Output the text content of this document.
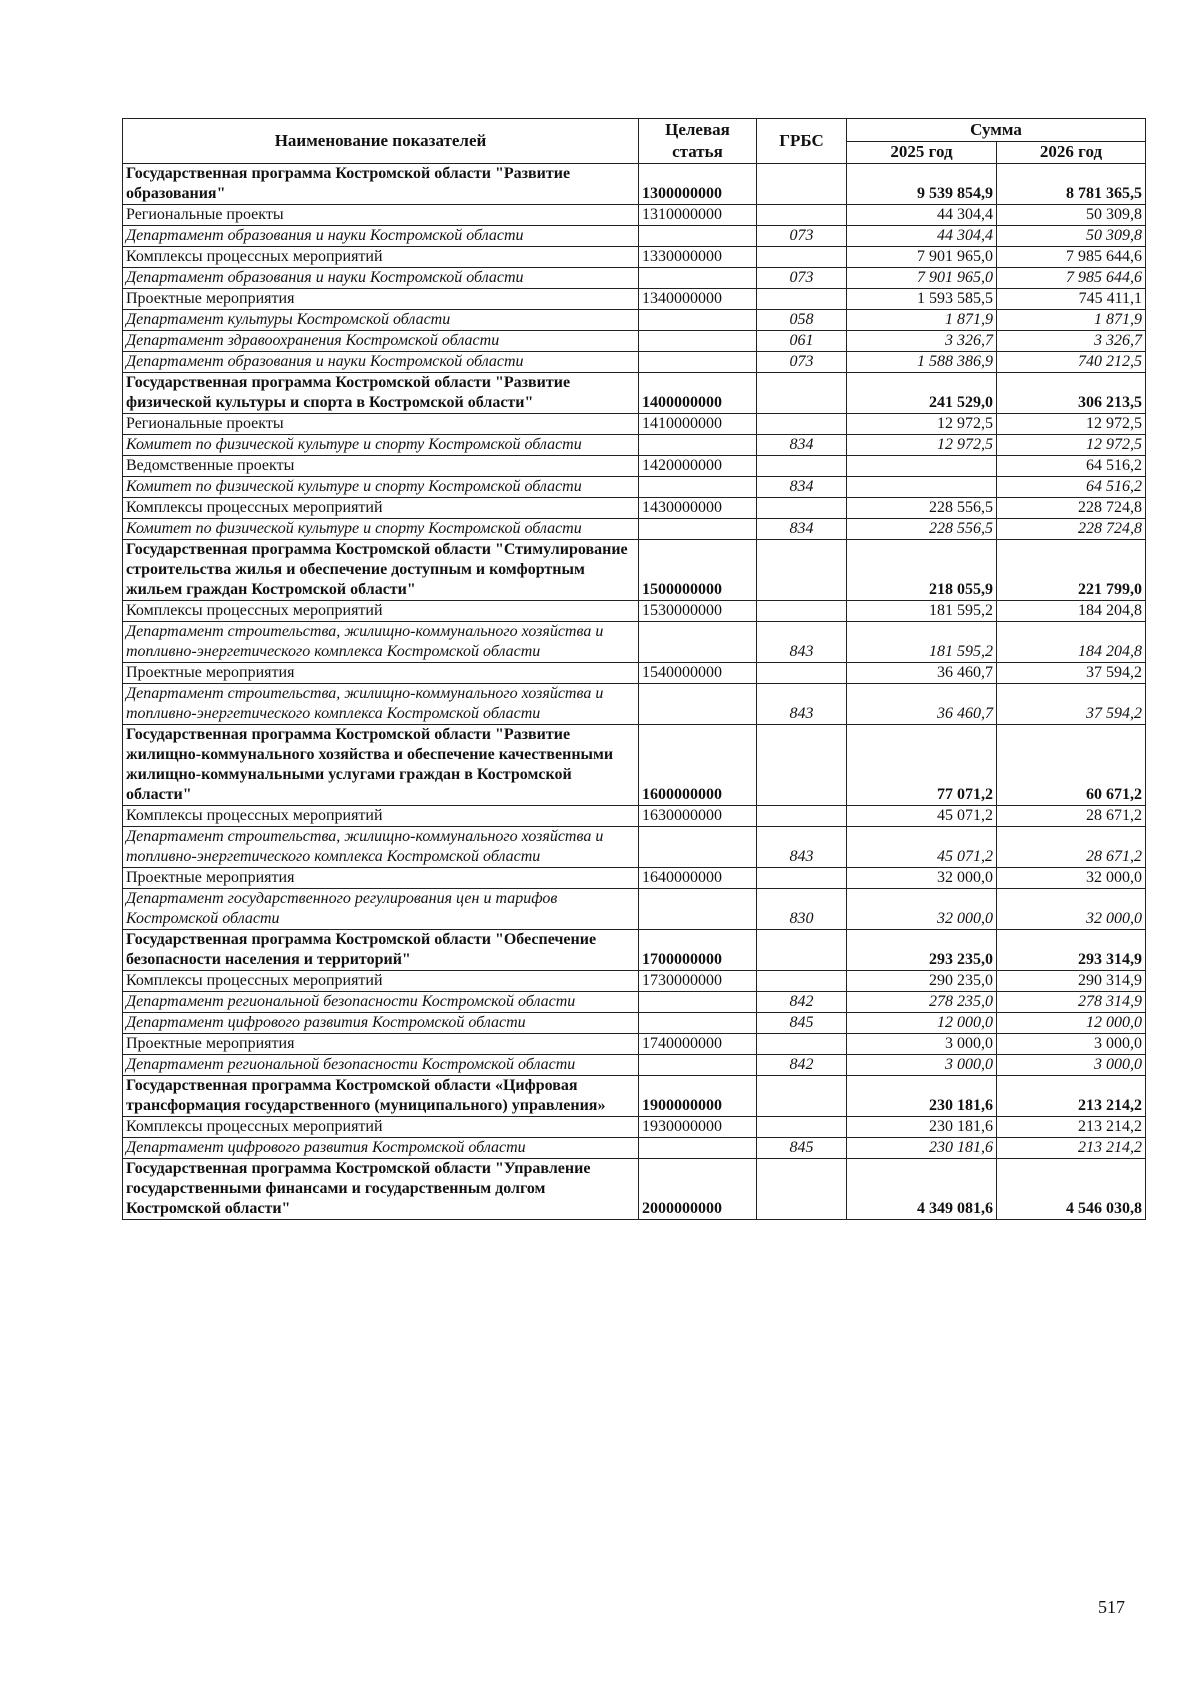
Наименование показателей	Целевая статья	ГРБС	Сумма	
			2025 год	2026 год
Государственная программа Костромской области "Развитие образования"	1300000000		9 539 854,9	8 781 365,5
Региональные проекты	1310000000		44 304,4	50 309,8
Департамент образования и науки Костромской области		073	44 304,4	50 309,8
Комплексы процессных мероприятий	1330000000		7 901 965,0	7 985 644,6
Департамент образования и науки Костромской области		073	7 901 965,0	7 985 644,6
Проектные мероприятия	1340000000		1 593 585,5	745 411,1
Департамент культуры Костромской области		058	1 871,9	1 871,9
Департамент здравоохранения Костромской области		061	3 326,7	3 326,7
Департамент образования и науки Костромской области		073	1 588 386,9	740 212,5
Государственная программа Костромской области "Развитие физической культуры и спорта в Костромской области"	1400000000		241 529,0	306 213,5
Региональные проекты	1410000000		12 972,5	12 972,5
Комитет по физической культуре и спорту Костромской области		834	12 972,5	12 972,5
Ведомственные проекты	1420000000			64 516,2
Комитет по физической культуре и спорту Костромской области		834		64 516,2
Комплексы процессных мероприятий	1430000000		228 556,5	228 724,8
Комитет по физической культуре и спорту Костромской области		834	228 556,5	228 724,8
Государственная программа Костромской области "Стимулирование строительства жилья и обеспечение доступным и комфортным жильем граждан Костромской области"	1500000000		218 055,9	221 799,0
Комплексы процессных мероприятий	1530000000		181 595,2	184 204,8
Департамент строительства, жилищно-коммунального хозяйства и топливно-энергетического комплекса Костромской области		843	181 595,2	184 204,8
Проектные мероприятия	1540000000		36 460,7	37 594,2
Департамент строительства, жилищно-коммунального хозяйства и топливно-энергетического комплекса Костромской области		843	36 460,7	37 594,2
Государственная программа Костромской области "Развитие жилищно-коммунального хозяйства и обеспечение качественными жилищно-коммунальными услугами граждан в Костромской области"	1600000000		77 071,2	60 671,2
Комплексы процессных мероприятий	1630000000		45 071,2	28 671,2
Департамент строительства, жилищно-коммунального хозяйства и топливно-энергетического комплекса Костромской области		843	45 071,2	28 671,2
Проектные мероприятия	1640000000		32 000,0	32 000,0
Департамент государственного регулирования цен и тарифов Костромской области		830	32 000,0	32 000,0
Государственная программа Костромской области "Обеспечение безопасности населения и территорий"	1700000000		293 235,0	293 314,9
Комплексы процессных мероприятий	1730000000		290 235,0	290 314,9
Департамент региональной безопасности Костромской области		842	278 235,0	278 314,9
Департамент цифрового развития Костромской области		845	12 000,0	12 000,0
Проектные мероприятия	1740000000		3 000,0	3 000,0
Департамент региональной безопасности Костромской области		842	3 000,0	3 000,0
Государственная программа Костромской области «Цифровая трансформация государственного (муниципального) управления»	1900000000		230 181,6	213 214,2
Комплексы процессных мероприятий	1930000000		230 181,6	213 214,2
Департамент цифрового развития Костромской области		845	230 181,6	213 214,2
Государственная программа Костромской области "Управление государственными финансами и государственным долгом Костромской области"	2000000000		4 349 081,6	4 546 030,8
517
